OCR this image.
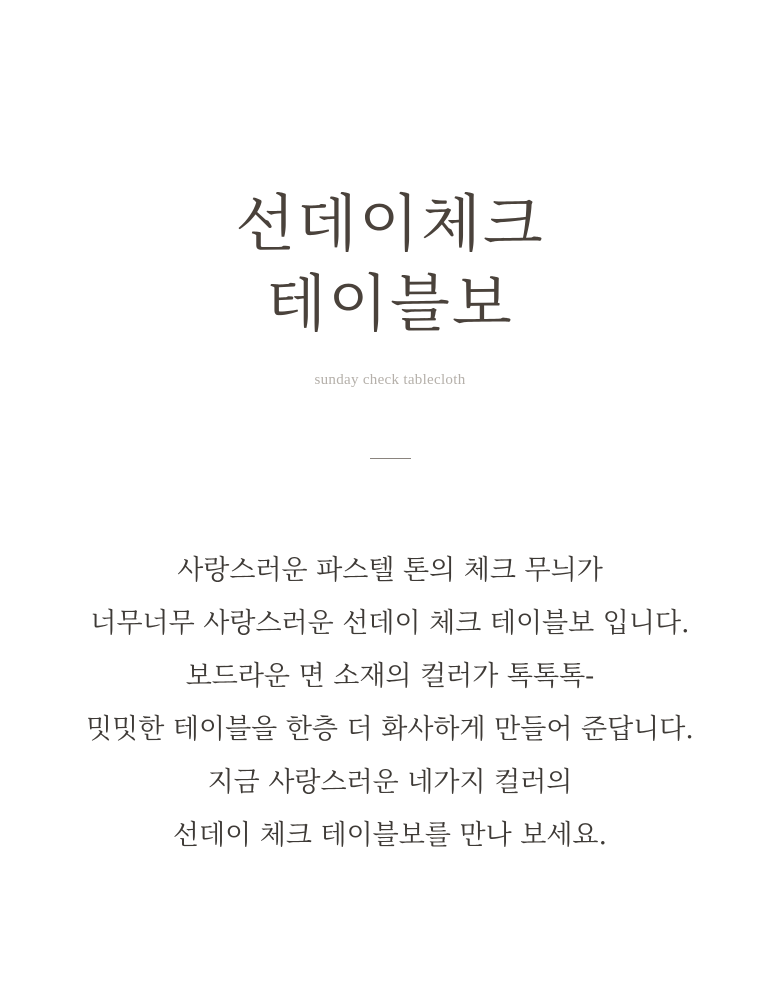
선데이체크
테이블보
sunday check tablecloth
사랑스러운 파스텔 톤의 체크 무늬가
너무너무 사랑스러운 선데이 체크 테이블보 입니다.
보드라운 면 소재의 컬러가 톡톡톡-
밋밋한 테이블을 한층 더 화사하게 만들어 준답니다.
지금 사랑스러운 네가지 컬러의
선데이 체크 테이블보를 만나 보세요.
